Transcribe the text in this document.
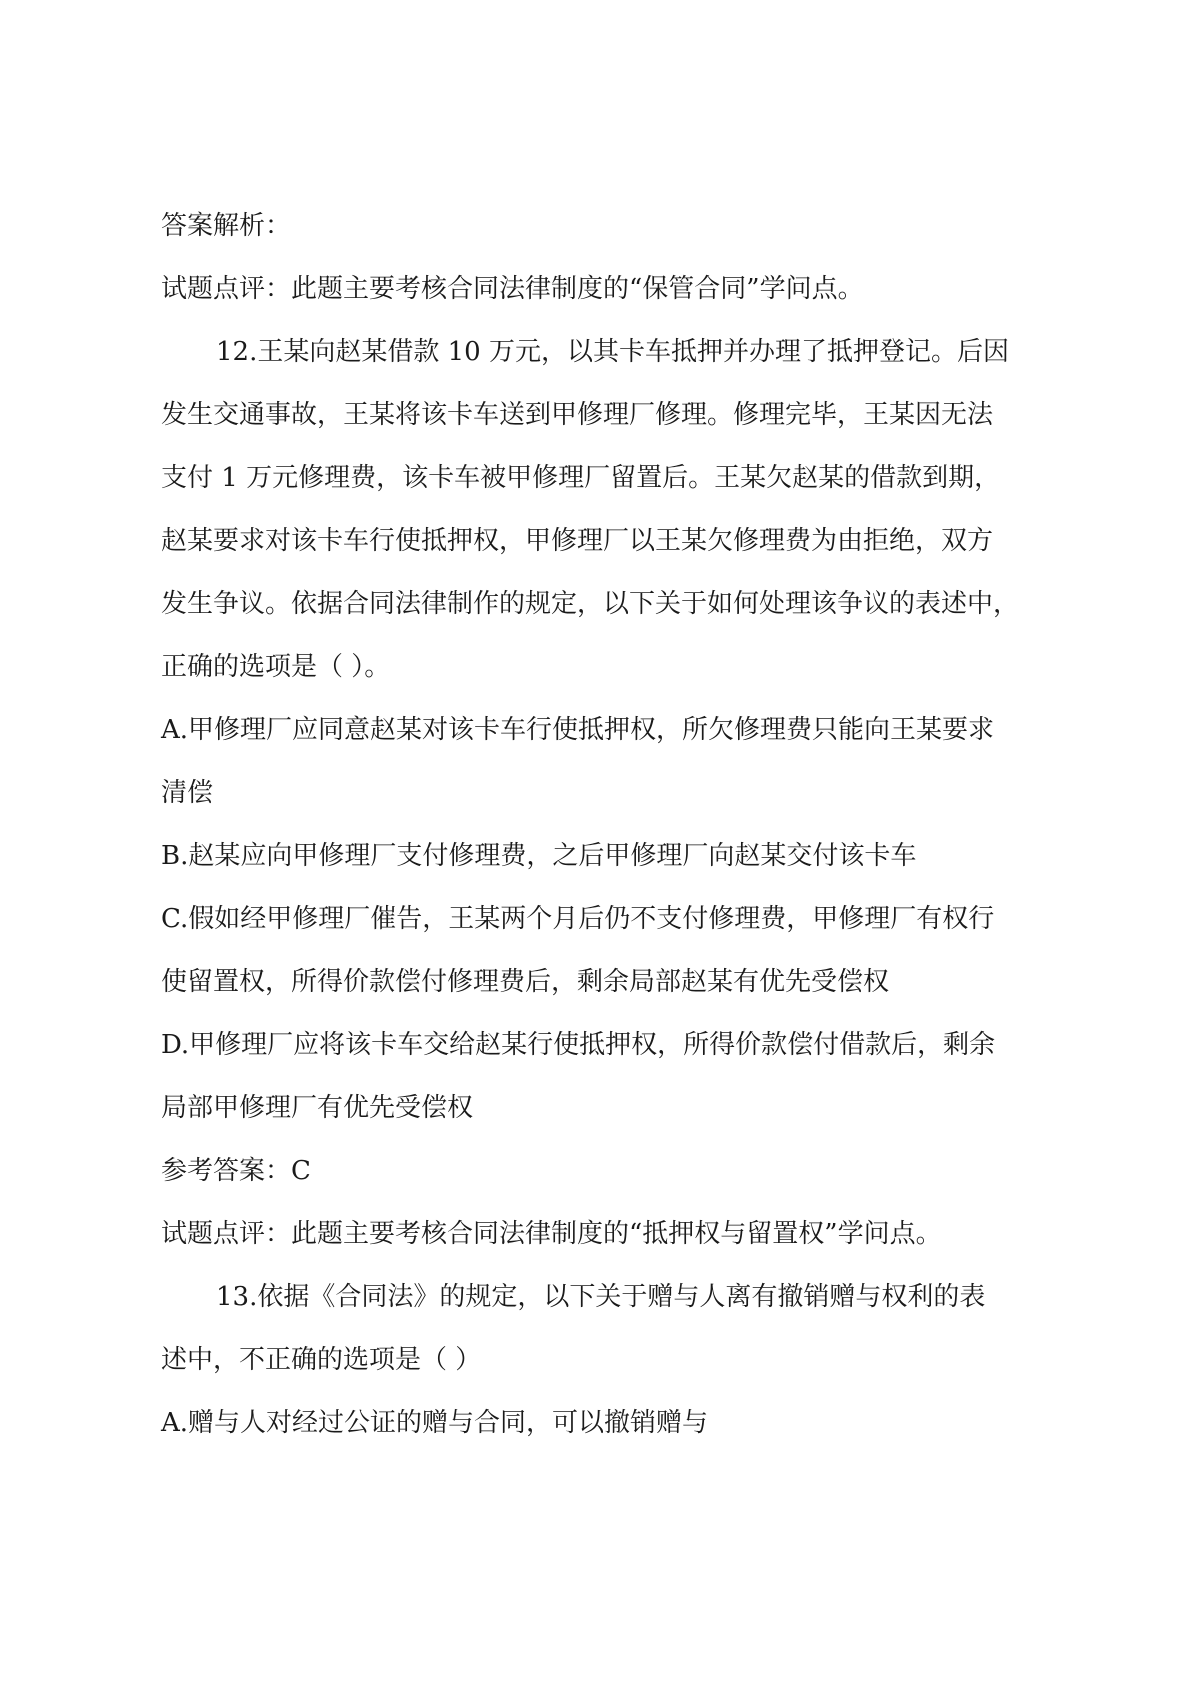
答案解析：

试题点评：此题主要考核合同法律制度的“保管合同”学问点。

12.王某向赵某借款 10 万元，以其卡车抵押并办理了抵押登记。后因
发生交通事故，王某将该卡车送到甲修理厂修理。修理完毕，王某因无法
支付 1 万元修理费，该卡车被甲修理厂留置后。王某欠赵某的借款到期，
赵某要求对该卡车行使抵押权，甲修理厂以王某欠修理费为由拒绝，双方
发生争议。依据合同法律制作的规定，以下关于如何处理该争议的表述中，
正确的选项是（ ）。

A.甲修理厂应同意赵某对该卡车行使抵押权，所欠修理费只能向王某要求
清偿

B.赵某应向甲修理厂支付修理费，之后甲修理厂向赵某交付该卡车

C.假如经甲修理厂催告，王某两个月后仍不支付修理费，甲修理厂有权行
使留置权，所得价款偿付修理费后，剩余局部赵某有优先受偿权

D.甲修理厂应将该卡车交给赵某行使抵押权，所得价款偿付借款后，剩余
局部甲修理厂有优先受偿权

参考答案：C

试题点评：此题主要考核合同法律制度的“抵押权与留置权”学问点。

13.依据《合同法》的规定，以下关于赠与人离有撤销赠与权利的表
述中，不正确的选项是（ ）

A.赠与人对经过公证的赠与合同，可以撤销赠与
